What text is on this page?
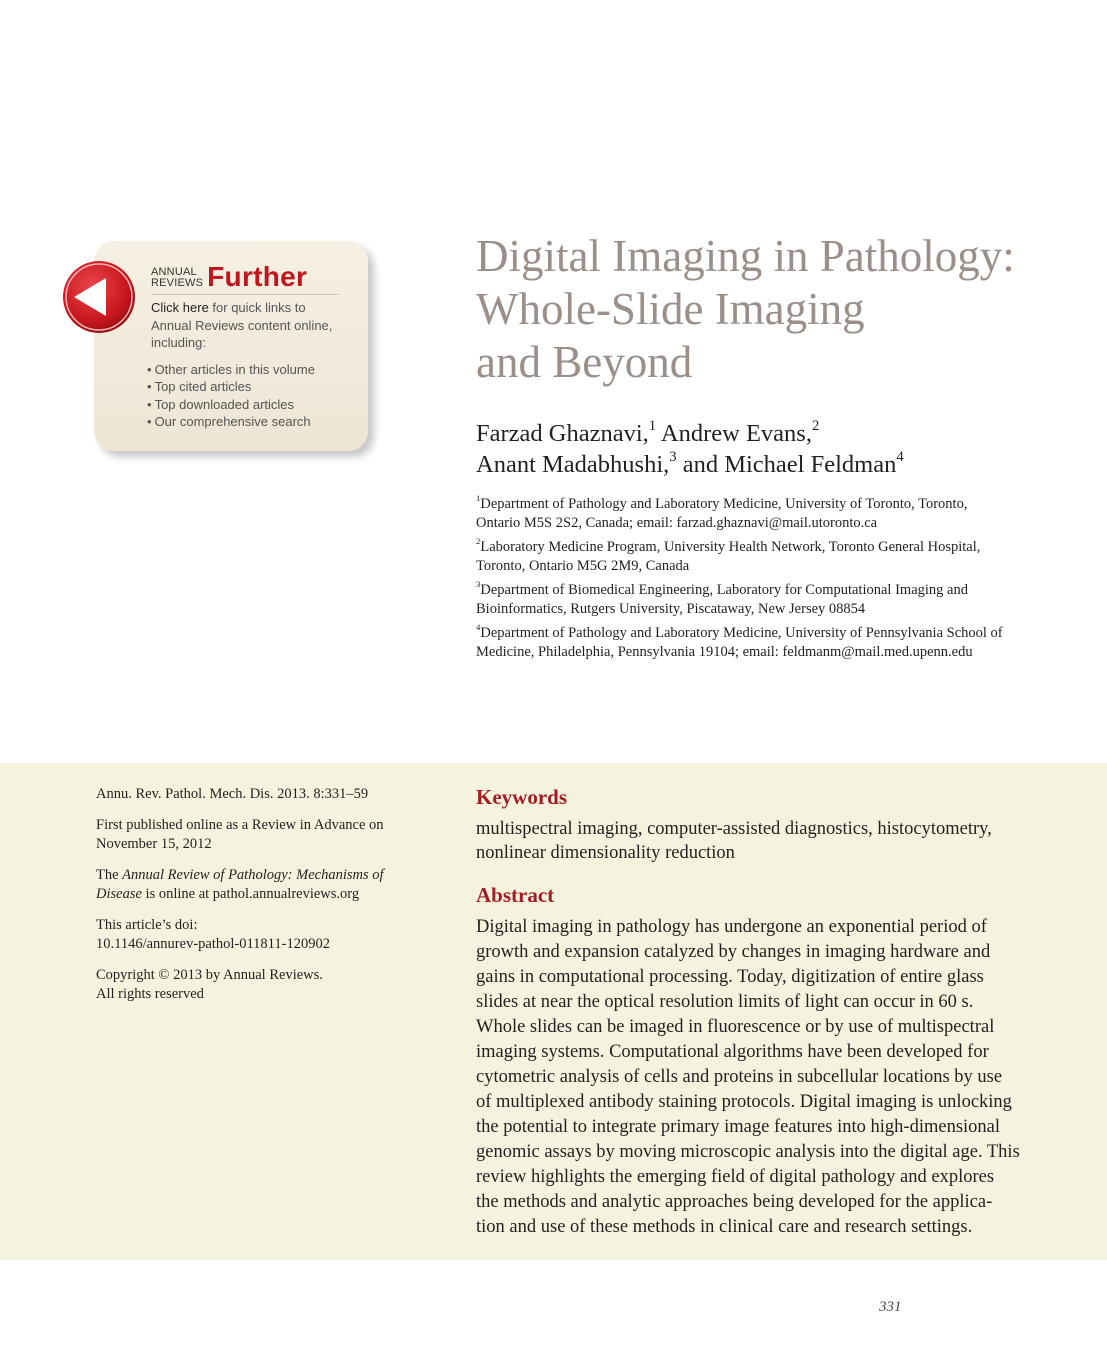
ANNUAL
REVIEWS Further
Click here for quick links to
Annual Reviews content online,
including:
• Other articles in this volume
• Top cited articles
• Top downloaded articles
• Our comprehensive search
Digital Imaging in Pathology:
Whole-Slide Imaging
and Beyond
Farzad Ghaznavi,$^1$ Andrew Evans,$^2$
Anant Madabhushi,$^3$ and Michael Feldman$^4$
$^1$Department of Pathology and Laboratory Medicine, University of Toronto, Toronto,
Ontario M5S 2S2, Canada; email: farzad.ghaznavi@mail.utoronto.ca
$^2$Laboratory Medicine Program, University Health Network, Toronto General Hospital,
Toronto, Ontario M5G 2M9, Canada
$^3$Department of Biomedical Engineering, Laboratory for Computational Imaging and
Bioinformatics, Rutgers University, Piscataway, New Jersey 08854
$^4$Department of Pathology and Laboratory Medicine, University of Pennsylvania School of
Medicine, Philadelphia, Pennsylvania 19104; email: feldmanm@mail.med.upenn.edu

Annu. Rev. Pathol. Mech. Dis. 2013. 8:331–59

First published online as a Review in Advance on
November 15, 2012

The Annual Review of Pathology: Mechanisms of
Disease is online at pathol.annualreviews.org

This article’s doi:
10.1146/annurev-pathol-011811-120902

Copyright © 2013 by Annual Reviews.
All rights reserved

Keywords

multispectral imaging, computer-assisted diagnostics, histocytometry,
nonlinear dimensionality reduction

Abstract

Digital imaging in pathology has undergone an exponential period of
growth and expansion catalyzed by changes in imaging hardware and
gains in computational processing. Today, digitization of entire glass
slides at near the optical resolution limits of light can occur in 60 s.
Whole slides can be imaged in fluorescence or by use of multispectral
imaging systems. Computational algorithms have been developed for
cytometric analysis of cells and proteins in subcellular locations by use
of multiplexed antibody staining protocols. Digital imaging is unlocking
the potential to integrate primary image features into high-dimensional
genomic assays by moving microscopic analysis into the digital age. This
review highlights the emerging field of digital pathology and explores
the methods and analytic approaches being developed for the applica-
tion and use of these methods in clinical care and research settings.

331
